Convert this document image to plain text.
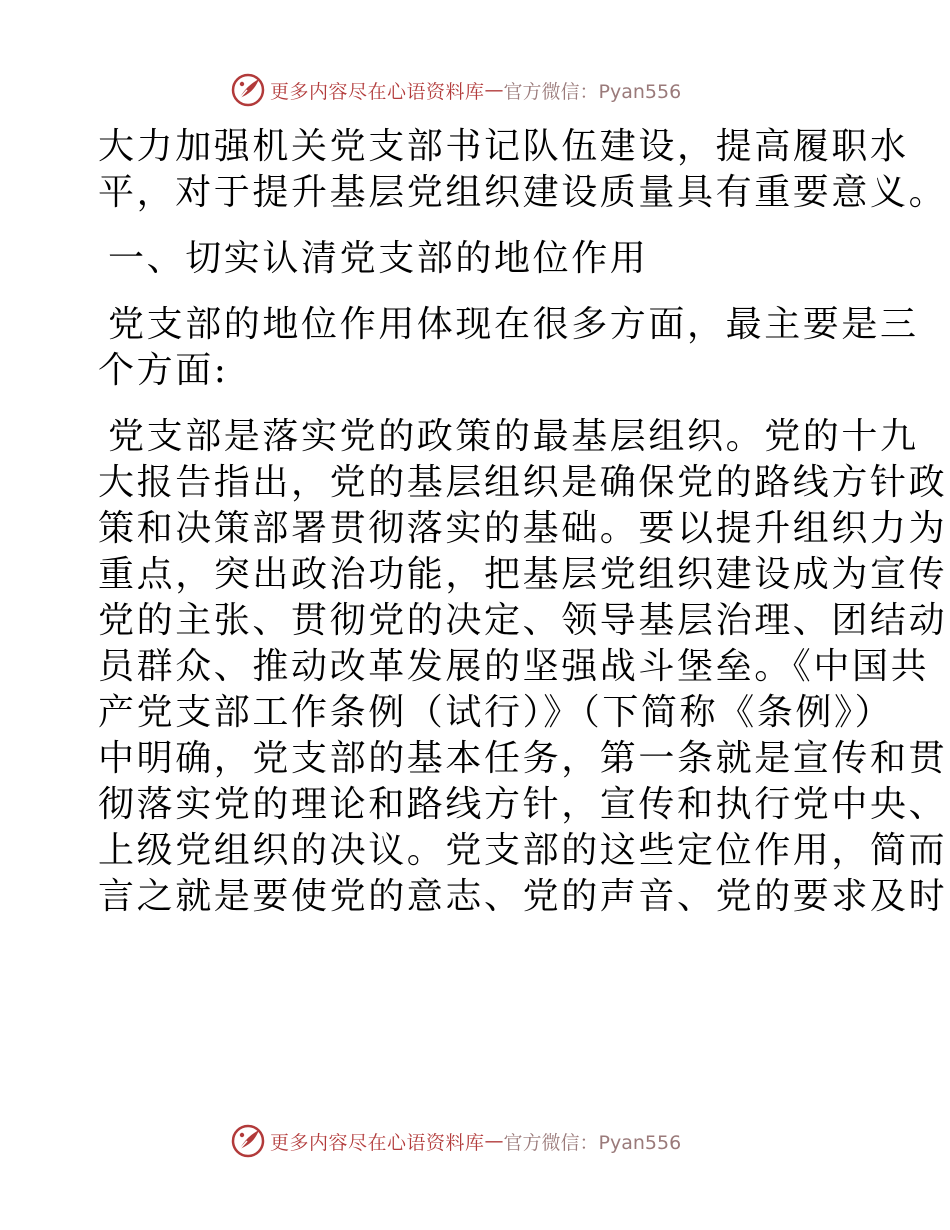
更多内容尽在心语资料库 — 官方微信：Pyan556

大力加强机关党支部书记队伍建设，提高履职水
平，对于提升基层党组织建设质量具有重要意义。

一、切实认清党支部的地位作用

党支部的地位作用体现在很多方面，最主要是三
个方面:

党支部是落实党的政策的最基层组织。党的十九
大报告指出，党的基层组织是确保党的路线方针政
策和决策部署贯彻落实的基础。要以提升组织力为
重点，突出政治功能，把基层党组织建设成为宣传
党的主张、贯彻党的决定、领导基层治理、团结动
员群众、推动改革发展的坚强战斗堡垒。《中国共
产党支部工作条例（试行）》（下简称《条例》）
中明确，党支部的基本任务，第一条就是宣传和贯
彻落实党的理论和路线方针，宣传和执行党中央、
上级党组织的决议。党支部的这些定位作用，简而
言之就是要使党的意志、党的声音、党的要求及时

更多内容尽在心语资料库 — 官方微信：Pyan556
